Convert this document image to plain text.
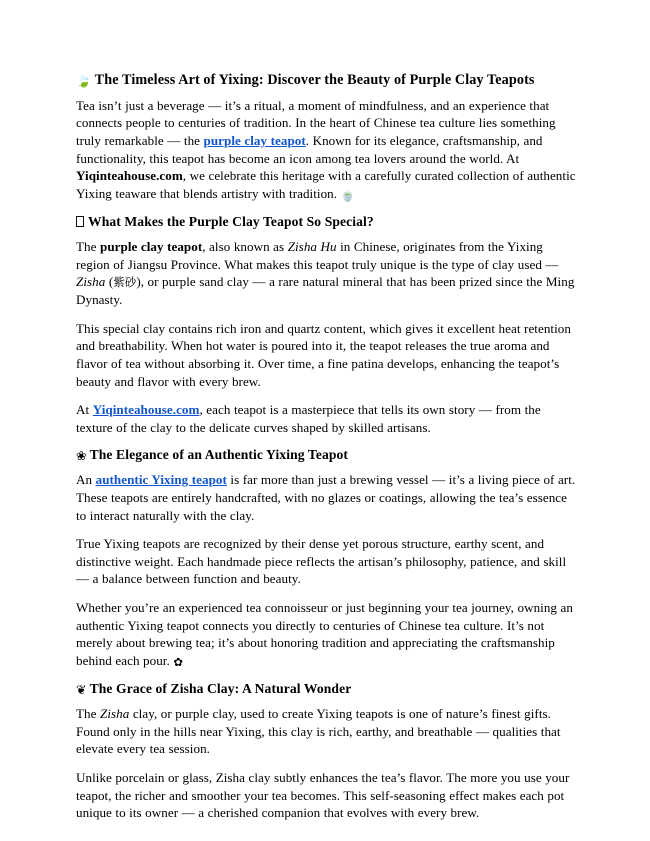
🍃 The Timeless Art of Yixing: Discover the Beauty of Purple Clay Teapots

Tea isn’t just a beverage — it’s a ritual, a moment of mindfulness, and an experience that connects people to centuries of tradition. In the heart of Chinese tea culture lies something truly remarkable — the purple clay teapot. Known for its elegance, craftsmanship, and functionality, this teapot has become an icon among tea lovers around the world. At Yiqinteahouse.com, we celebrate this heritage with a carefully curated collection of authentic Yixing teaware that blends artistry with tradition. 🍵

What Makes the Purple Clay Teapot So Special?

The purple clay teapot, also known as Zisha Hu in Chinese, originates from the Yixing region of Jiangsu Province. What makes this teapot truly unique is the type of clay used — Zisha (紫砂), or purple sand clay — a rare natural mineral that has been prized since the Ming Dynasty.

This special clay contains rich iron and quartz content, which gives it excellent heat retention and breathability. When hot water is poured into it, the teapot releases the true aroma and flavor of tea without absorbing it. Over time, a fine patina develops, enhancing the teapot’s beauty and flavor with every brew.

At Yiqinteahouse.com, each teapot is a masterpiece that tells its own story — from the texture of the clay to the delicate curves shaped by skilled artisans.

❀ The Elegance of an Authentic Yixing Teapot

An authentic Yixing teapot is far more than just a brewing vessel — it’s a living piece of art. These teapots are entirely handcrafted, with no glazes or coatings, allowing the tea’s essence to interact naturally with the clay.

True Yixing teapots are recognized by their dense yet porous structure, earthy scent, and distinctive weight. Each handmade piece reflects the artisan’s philosophy, patience, and skill — a balance between function and beauty.

Whether you’re an experienced tea connoisseur or just beginning your tea journey, owning an authentic Yixing teapot connects you directly to centuries of Chinese tea culture. It’s not merely about brewing tea; it’s about honoring tradition and appreciating the craftsmanship behind each pour. ✿

❦ The Grace of Zisha Clay: A Natural Wonder

The Zisha clay, or purple clay, used to create Yixing teapots is one of nature’s finest gifts. Found only in the hills near Yixing, this clay is rich, earthy, and breathable — qualities that elevate every tea session.

Unlike porcelain or glass, Zisha clay subtly enhances the tea’s flavor. The more you use your teapot, the richer and smoother your tea becomes. This self-seasoning effect makes each pot unique to its owner — a cherished companion that evolves with every brew.
